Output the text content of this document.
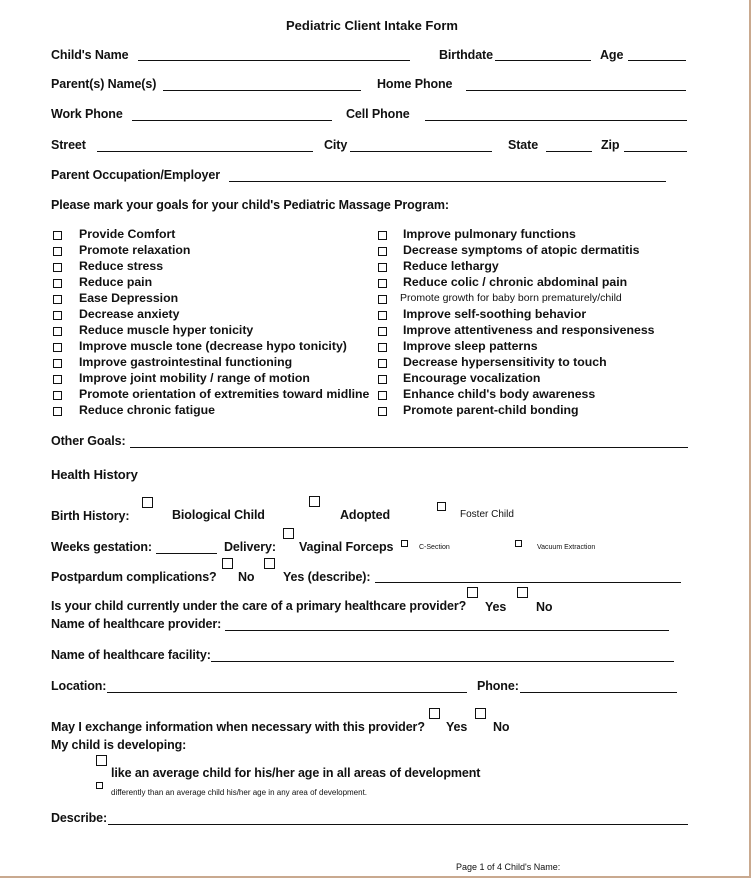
Pediatric Client Intake Form
Child's Name	Birthdate	Age
Parent(s) Name(s)	Home Phone
Work Phone	Cell Phone
Street	City	State	Zip
Parent Occupation/Employer
Please mark your goals for your child's Pediatric Massage Program:
Provide Comfort
Promote relaxation
Reduce stress
Reduce pain
Ease Depression
Decrease anxiety
Reduce muscle hyper tonicity
Improve muscle tone (decrease hypo tonicity)
Improve gastrointestinal functioning
Improve joint mobility / range of motion
Promote orientation of extremities toward midline
Reduce chronic fatigue
Improve pulmonary functions
Decrease symptoms of atopic dermatitis
Reduce lethargy
Reduce colic / chronic abdominal pain
Promote growth for baby born prematurely/child
Improve self-soothing behavior
Improve attentiveness and responsiveness
Improve sleep patterns
Decrease hypersensitivity to touch
Encourage vocalization
Enhance child's body awareness
Promote parent-child bonding
Other Goals:
Health History
Birth History:	Biological Child	Adopted	Foster Child
Weeks gestation:	Delivery: Vaginal Forceps	C-Section	Vacuum Extraction
Postpardum complications? No Yes (describe):
Is your child currently under the care of a primary healthcare provider? Yes No
Name of healthcare provider:
Name of healthcare facility:
Location:	Phone:
May I exchange information when necessary with this provider? Yes No
My child is developing:
like an average child for his/her age in all areas of development
differently than an average child his/her age in any area of development.
Describe:
Page 1 of 4 Child's Name:
